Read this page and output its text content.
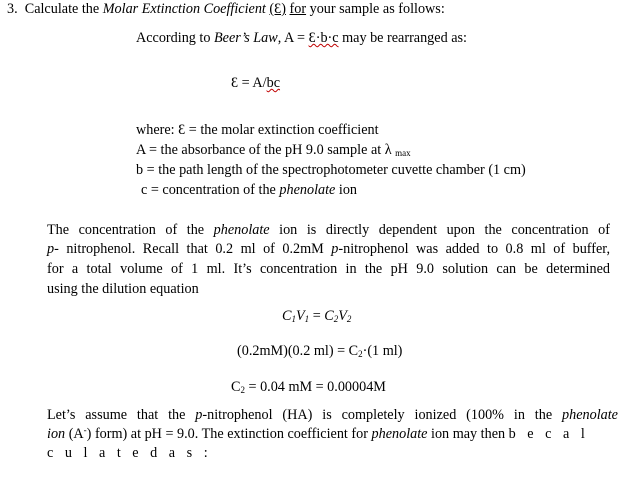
3. Calculate the Molar Extinction Coefficient (Ɛ) for your sample as follows:
According to Beer’s Law, A = Ɛ·b·c may be rearranged as:
Ɛ = A/bc
where: Ɛ = the molar extinction coefficient
A = the absorbance of the pH 9.0 sample at λ $_{max}$
b = the path length of the spectrophotometer cuvette chamber (1 cm)
c = concentration of the phenolate ion
The concentration of the phenolate ion is directly dependent upon the concentration of
p- nitrophenol. Recall that 0.2 ml of 0.2mM p-nitrophenol was added to 0.8 ml of buffer,
for a total volume of 1 ml. It’s concentration in the pH 9.0 solution can be determined
using the dilution equation
$C_1V_1 = C_2V_2$
(0.2mM)(0.2 $ml) = C_2\cdot(1$ ml)
$C_2 = 0.04$ mM = 0.00004M
Let’s assume that the p-nitrophenol (HA) is completely ionized (100% in the phenolate
ion (A-) form) at pH = 9.0. The extinction coefficient for phenolate ion may then b e c a l
c u l a t e d a s :
